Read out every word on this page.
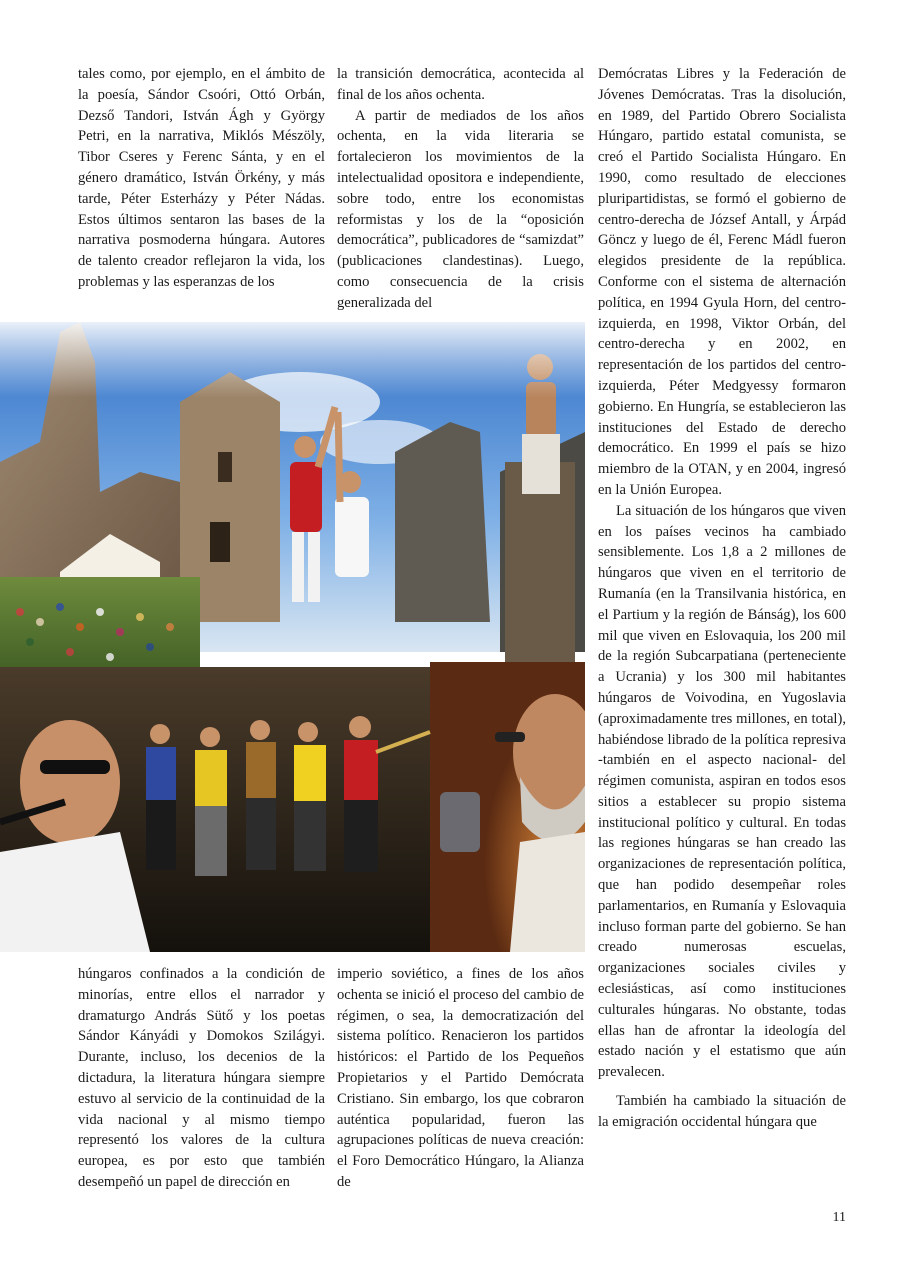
tales como, por ejemplo, en el ámbito de la poesía, Sándor Csoóri, Ottó Orbán, Dezső Tandori, István Ágh y György Petri, en la narrativa, Miklós Mészöly, Tibor Cseres y Ferenc Sánta, y en el género dramático, István Örkény, y más tarde, Péter Esterházy y Péter Nádas. Estos últimos sentaron las bases de la narrativa posmoderna húngara. Autores de talento creador reflejaron la vida, los problemas y las esperanzas de los

la transición democrática, acontecida al final de los años ochenta.

A partir de mediados de los años ochenta, en la vida literaria se fortalecieron los movimientos de la intelectualidad opositora e independiente, sobre todo, entre los economistas reformistas y los de la “oposición democrática”, publicadores de “samizdat” (publicaciones clandestinas). Luego, como consecuencia de la crisis generalizada del

Demócratas Libres y la Federación de Jóvenes Demócratas. Tras la disolución, en 1989, del Partido Obrero Socialista Húngaro, partido estatal comunista, se creó el Partido Socialista Húngaro. En 1990, como resultado de elecciones pluripartidistas, se formó el gobierno de centro-derecha de József Antall, y Árpád Göncz y luego de él, Ferenc Mádl fueron elegidos presidente de la república. Conforme con el sistema de alternación política, en 1994 Gyula Horn, del centro-izquierda, en 1998, Viktor Orbán, del centro-derecha y en 2002, en representación de los partidos del centro-izquierda, Péter Medgyessy formaron gobierno. En Hungría, se establecieron las instituciones del Estado de derecho democrático. En 1999 el país se hizo miembro de la OTAN, y en 2004, ingresó en la Unión Europea.

La situación de los húngaros que viven en los países vecinos ha cambiado sensiblemente. Los 1,8 a 2 millones de húngaros que viven en el territorio de Rumanía (en la Transilvania histórica, en el Partium y la región de Bánság), los 600 mil que viven en Eslovaquia, los 200 mil de la región Subcarpatiana (perteneciente a Ucrania) y los 300 mil habitantes húngaros de Voivodina, en Yugoslavia (aproximadamente tres millones, en total), habiéndose librado de la política represiva -también en el aspecto nacional- del régimen comunista, aspiran en todos esos sitios a establecer su propio sistema institucional político y cultural. En todas las regiones húngaras se han creado las organizaciones de representación política, que han podido desempeñar roles parlamentarios, en Rumanía y Eslovaquia incluso forman parte del gobierno. Se han creado numerosas escuelas, organizaciones sociales civiles y eclesiásticas, así como instituciones culturales húngaras. No obstante, todas ellas han de afrontar la ideología del estado nación y el estatismo que aún prevalecen.

También ha cambiado la situación de la emigración occidental húngara que

húngaros confinados a la condición de minorías, entre ellos el narrador y dramaturgo András Sütő y los poetas Sándor Kányádi y Domokos Szilágyi. Durante, incluso, los decenios de la dictadura, la literatura húngara siempre estuvo al servicio de la continuidad de la vida nacional y al mismo tiempo representó los valores de la cultura europea, es por esto que también desempeñó un papel de dirección en

imperio soviético, a fines de los años ochenta se inició el proceso del cambio de régimen, o sea, la democratización del sistema político. Renacieron los partidos históricos: el Partido de los Pequeños Propietarios y el Partido Demócrata Cristiano. Sin embargo, los que cobraron auténtica popularidad, fueron las agrupaciones políticas de nueva creación: el Foro Democrático Húngaro, la Alianza de

11
